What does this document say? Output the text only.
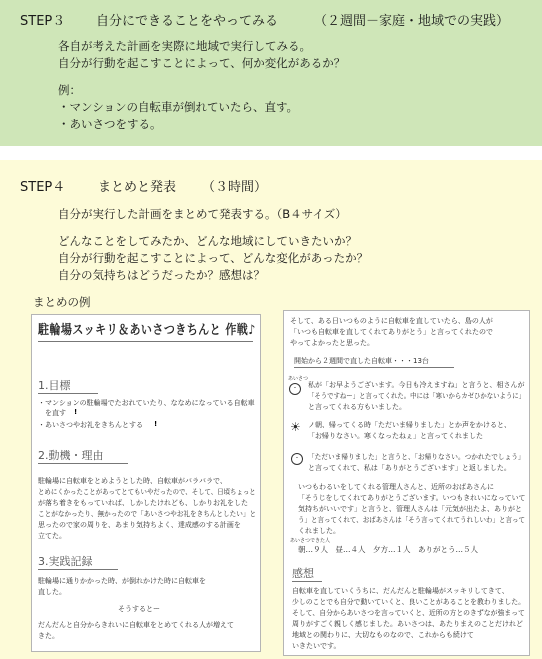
STEP３ 自分にできることをやってみる	（２週間－家庭・地域での実践）
各自が考えた計画を実際に地域で実行してみる。
自分が行動を起こすことによって、何か変化があるか？
例：
・マンションの自転車が倒れていたら、直す。
・あいさつをする。
STEP４	まとめと発表 （３時間）
自分が実行した計画をまとめて発表する。（B４サイズ）
どんなことをしてみたか、どんな地域にしていきたいか？
自分が行動を起こすことによって、どんな変化があったか？
自分の気持ちはどうだったか？感想は？
まとめの例
駐輪場スッキリ＆あいさつきちんと 作戦♪
1.目標
・マンションの駐輪場でたおれていたり、ななめになっている自転車
　を直す !
・あいさつやお礼をきちんとする !
2.動機・理由
駐輪場に自転車をとめようとした時、自転車がバラバラで、
とめにくかったことがあってとてもいやだったので、そして、日頃ちょっと
が落ち着きをもっていれば、しかしたけれども、しかりお礼をした
ことがなかったり、無かったので「あいさつやお礼をきちんとしたい」と
思ったので家の周りを、あまり気持ちよく、達成感のする計画を
立てた。
3.実践記録
駐輪場に通りかかった時、が倒れかけた時に自転車を
直した。
そうするとー
だんだんと自分からきれいに自転車をとめてくれる人が増えて
きた。
そして、ある日いつものように自転車を直していたら、島の人が
「いつも自転車を直してくれてありがとう」と言ってくれたので
やってよかったと思った。
開始から２週間で直した自転車・・・13台
あいさつ
ᵕ	私が「お早ようございます。今日も冷えますね」と言うと、相さんが
「そうですねー」と言ってくれた。中には「寒いからカゼひかないように」
と言ってくれる方もいました。
☀ ノ朝、帰ってくる時「ただいま帰りました」とか声をかけると、
「お帰りなさい。寒くなったねぇ」と言ってくれました
ᵕ	「ただいま帰りました」と言うと、「お帰りなさい。つかれたでしょう」
と言ってくれて、私は「ありがとうございます」と返しました。
いつもわるいをしてくれる管理人さんと、近所のおばあさんに
「そうじをしてくれてありがとうございます。いつもきれいになっていて
気持ちがいいです」と言うと、管理人さんは「元気が出たよ、ありがと
う」と言ってくれて、おばあさんは「そう言ってくれてうれしいわ」と言って
くれました。
あいさつできた人
朝…９人　昼…４人　夕方…１人　ありがとう…５人
感想
自転車を直していくうちに、だんだんと駐輪場がスッキリしてきて、
少しのことでも自分で動いていくと、良いことがあることを教わりました。
そして、自分からあいさつを言っていくと、近所の方とのきずなが強まって
周りがすごく親しく感じました。あいさつは、あたりまえのことだけれど
地域との関わりに、大切なものなので、これからも続けて
いきたいです。
